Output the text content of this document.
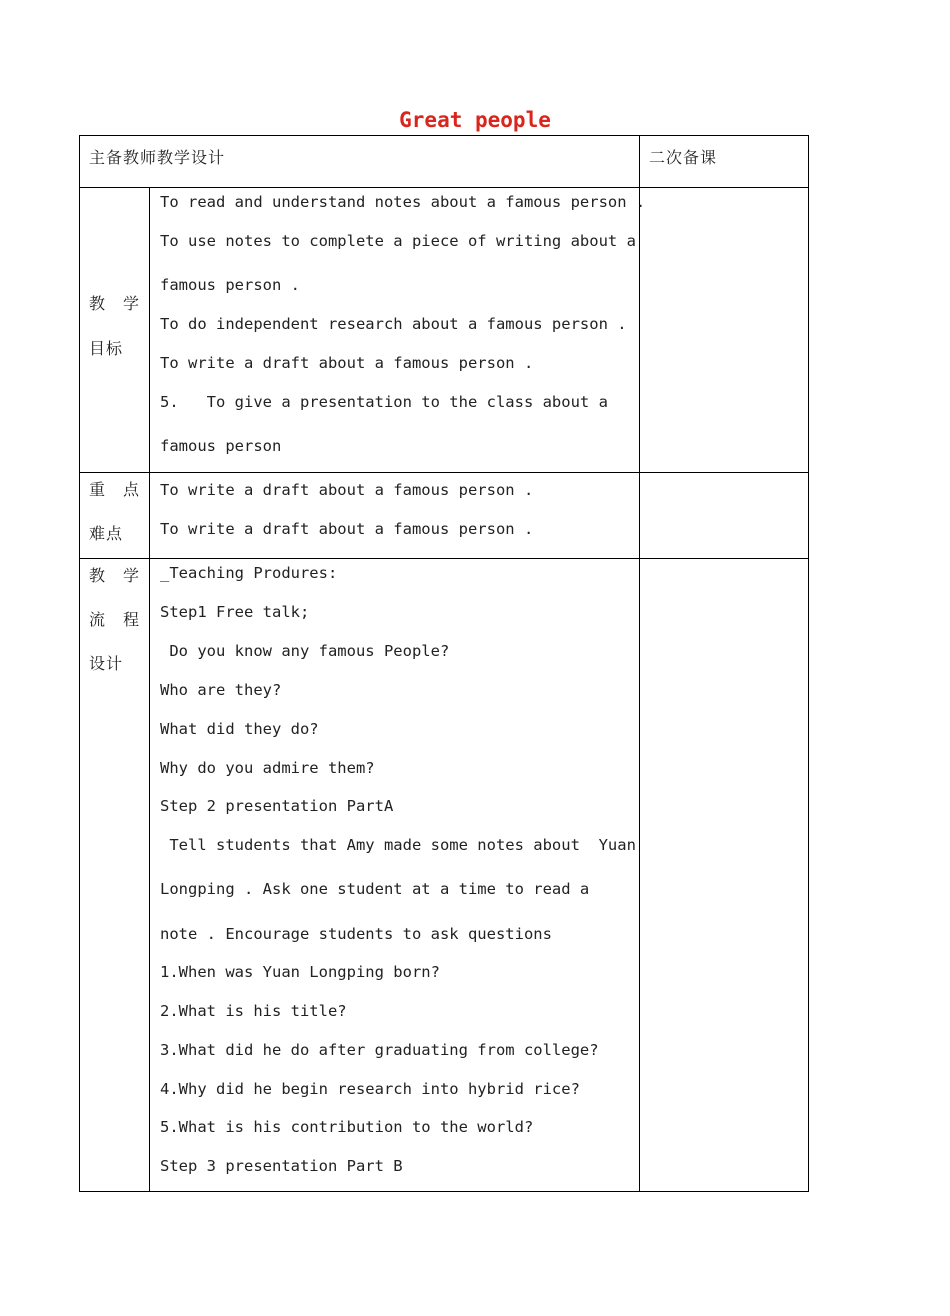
Great people
主备教师教学设计	二次备课
教　学
目标
To read and understand notes about a famous person .
To use notes to complete a piece of writing about a
famous person .
To do independent research about a famous person .
To write a draft about a famous person .
5.   To give a presentation to the class about a
famous person
重　点
难点
To write a draft about a famous person .
To write a draft about a famous person .
教　学
流　程
设计
_Teaching Produres:
Step1 Free talk;
Do you know any famous People?
Who are they?
What did they do?
Why do you admire them?
Step 2 presentation PartA
Tell students that Amy made some notes about  Yuan
Longping . Ask one student at a time to read a
note . Encourage students to ask questions
1.When was Yuan Longping born?
2.What is his title?
3.What did he do after graduating from college?
4.Why did he begin research into hybrid rice?
5.What is his contribution to the world?
Step 3 presentation Part B
